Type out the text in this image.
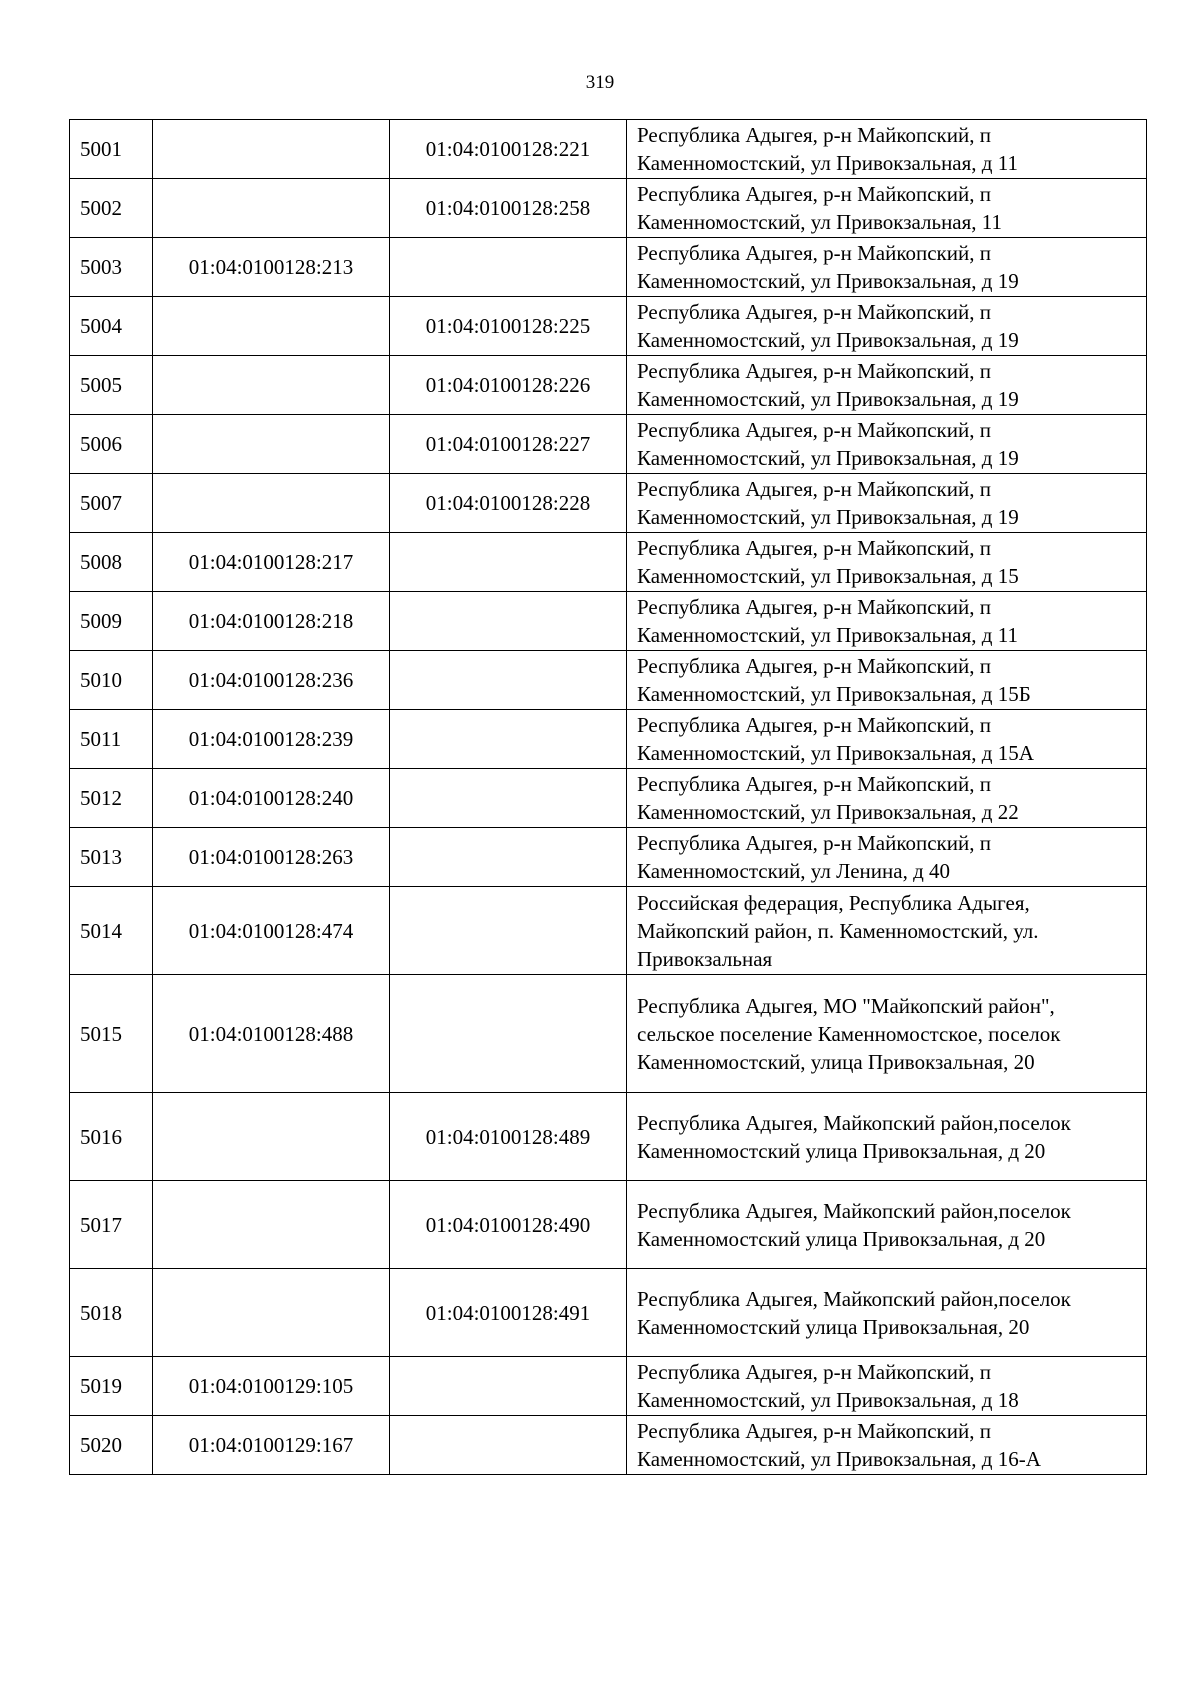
319
5001		01:04:0100128:221	Республика Адыгея, р-н Майкопский, п Каменномостский, ул Привокзальная, д 11
5002		01:04:0100128:258	Республика Адыгея, р-н Майкопский, п Каменномостский, ул Привокзальная, 11
5003	01:04:0100128:213		Республика Адыгея, р-н Майкопский, п Каменномостский, ул Привокзальная, д 19
5004		01:04:0100128:225	Республика Адыгея, р-н Майкопский, п Каменномостский, ул Привокзальная, д 19
5005		01:04:0100128:226	Республика Адыгея, р-н Майкопский, п Каменномостский, ул Привокзальная, д 19
5006		01:04:0100128:227	Республика Адыгея, р-н Майкопский, п Каменномостский, ул Привокзальная, д 19
5007		01:04:0100128:228	Республика Адыгея, р-н Майкопский, п Каменномостский, ул Привокзальная, д 19
5008	01:04:0100128:217		Республика Адыгея, р-н Майкопский, п Каменномостский, ул Привокзальная, д 15
5009	01:04:0100128:218		Республика Адыгея, р-н Майкопский, п Каменномостский, ул Привокзальная, д 11
5010	01:04:0100128:236		Республика Адыгея, р-н Майкопский, п Каменномостский, ул Привокзальная, д 15Б
5011	01:04:0100128:239		Республика Адыгея, р-н Майкопский, п Каменномостский, ул Привокзальная, д 15А
5012	01:04:0100128:240		Республика Адыгея, р-н Майкопский, п Каменномостский, ул Привокзальная, д 22
5013	01:04:0100128:263		Республика Адыгея, р-н Майкопский, п Каменномостский, ул Ленина, д 40
5014	01:04:0100128:474		Российская федерация, Республика Адыгея, Майкопский район, п. Каменномостский, ул. Привокзальная
5015	01:04:0100128:488		Республика Адыгея, МО "Майкопский район", сельское поселение Каменномостское, поселок Каменномостский, улица Привокзальная, 20
5016		01:04:0100128:489	Республика Адыгея, Майкопский район,поселок Каменномостский улица Привокзальная, д 20
5017		01:04:0100128:490	Республика Адыгея, Майкопский район,поселок Каменномостский улица Привокзальная, д 20
5018		01:04:0100128:491	Республика Адыгея, Майкопский район,поселок Каменномостский улица Привокзальная, 20
5019	01:04:0100129:105		Республика Адыгея, р-н Майкопский, п Каменномостский, ул Привокзальная, д 18
5020	01:04:0100129:167		Республика Адыгея, р-н Майкопский, п Каменномостский, ул Привокзальная, д 16-А
